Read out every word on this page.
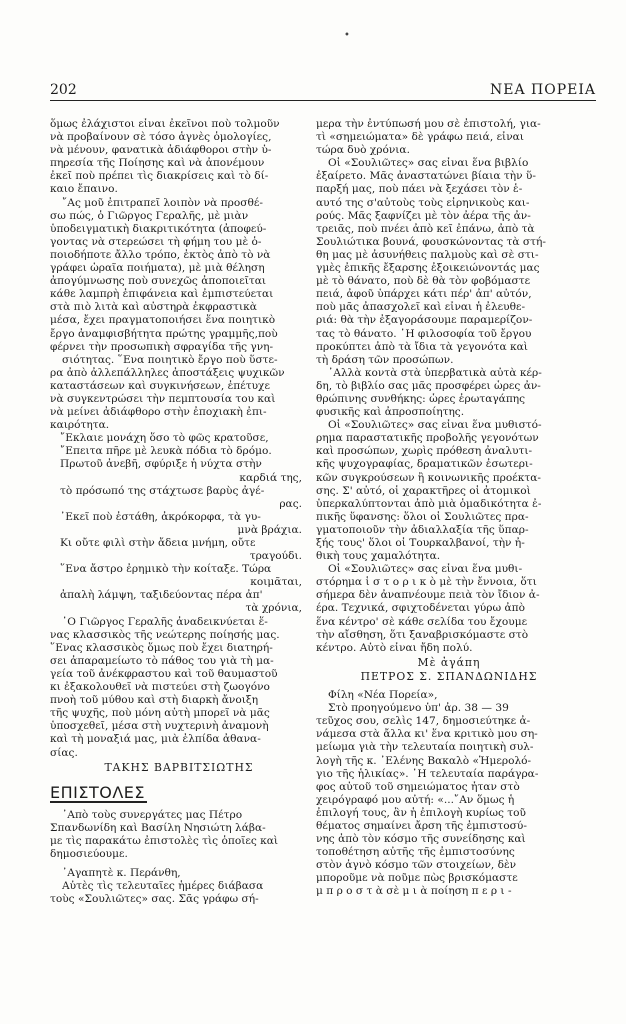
•
202	ΝΕΑ ΠΟΡΕΙΑ
ὅμως ἐλάχιστοι εἶναι ἐκεῖνοι ποὺ τολμοῦν
νὰ προβαίνουν σὲ τόσο ἁγνὲς ὁμολογίες,
νὰ μένουν, φανατικὰ ἀδιάφθοροι στὴν ὑ-
πηρεσία τῆς Ποίησης καὶ νὰ ἀπονέμουν
ἐκεῖ ποὺ πρέπει τὶς διακρίσεις καὶ τὸ δί-
καιο ἔπαινο.
῎Ας μοῦ ἐπιτραπεῖ λοιπὸν νὰ προσθέ-
σω πώς, ὁ Γιῶργος Γεραλῆς, μὲ μιὰν
ὑποδειγματικὴ διακριτικότητα (ἀποφεύ-
γοντας νὰ στερεώσει τὴ φήμη του μὲ ὁ-
ποιοδήποτε ἄλλο τρόπο, ἐκτὸς ἀπὸ τὸ νὰ
γράφει ὡραῖα ποιήματα), μὲ μιὰ θέληση
ἀπογύμνωσης ποὺ συνεχῶς ἀποποιεῖται
κάθε λαμπρὴ ἐπιφάνεια καὶ ἐμπιστεύεται
στὰ πιὸ λιτὰ καὶ αὐστηρὰ ἐκφραστικὰ
μέσα, ἔχει πραγματοποιήσει ἕνα ποιητικὸ
ἔργο ἀναμφισβήτητα πρώτης γραμμῆς,ποὺ
φέρνει τὴν προσωπικὴ σφραγίδα τῆς γνη-
σιότητας. ῞Ενα ποιητικὸ ἔργο ποὺ ὕστε-
ρα ἀπὸ ἀλλεπάλληλες ἀποστάξεις ψυχικῶν
καταστάσεων καὶ συγκινήσεων, ἐπέτυχε
νὰ συγκεντρώσει τὴν πεμπτουσία του καὶ
νὰ μείνει ἀδιάφθορο στὴν ἐποχιακὴ ἐπι-
καιρότητα.
῎Εκλαιε μονάχη ὅσο τὸ φῶς κρατοῦσε,
῎Επειτα πῆρε μὲ λευκὰ πόδια τὸ δρόμο.
Πρωτοῦ ἀνεβῆ, σφύριξε ἡ νύχτα στὴν
καρδιά της,
τὸ πρόσωπό της στάχτωσε βαρὺς ἀγέ-
ρας.
᾿Εκεῖ ποὺ ἐστάθη, ἀκρόκορφα, τὰ γυ-
μνὰ βράχια.
Κι οὔτε φιλὶ στὴν ἄδεια μνήμη, οὔτε
τραγούδι.
῞Ενα ἄστρο ἐρημικὸ τὴν κοίταξε. Τώρα
κοιμᾶται,
ἀπαλὴ λάμψη, ταξιδεύοντας πέρα ἀπ'
τὰ χρόνια,
῾Ο Γιῶργος Γεραλῆς ἀναδεικνύεται ἕ-
νας κλασσικὸς τῆς νεώτερης ποίησής μας.
῞Ενας κλασσικὸς ὅμως ποὺ ἔχει διατηρή-
σει ἀπαραμείωτο τὸ πάθος του γιὰ τὴ μα-
γεία τοῦ ἀνέκφραστου καὶ τοῦ θαυμαστοῦ
κι ἐξακολουθεῖ νὰ πιστεύει στὴ ζωογόνο
πνοὴ τοῦ μύθου καὶ στὴ διαρκὴ ἄνοιξη
τῆς ψυχῆς, ποὺ μόνη αὐτὴ μπορεῖ νὰ μᾶς
ὑποσχεθεῖ, μέσα στὴ νυχτερινὴ ἀναμονὴ
καὶ τὴ μοναξιά μας, μιὰ ἐλπίδα ἀθανα-
σίας.
ΤΑΚΗΣ ΒΑΡΒΙΤΣΙΩΤΗΣ
ΕΠΙΣΤΟΛΕΣ
᾿Απὸ τοὺς συνεργάτες μας Πέτρο
Σπανδωνίδη καὶ Βασίλη Νησιώτη λάβα-
με τὶς παρακάτω ἐπιστολὲς τὶς ὁποῖες καὶ
δημοσιεύουμε.
᾿Αγαπητὲ κ. Περάνθη,
Αὐτὲς τὶς τελευταῖες ἡμέρες διάβασα
τοὺς «Σουλιῶτες» σας. Σᾶς γράφω σή-
μερα τὴν ἐντύπωσή μου σὲ ἐπιστολή, για-
τὶ «σημειώματα» δὲ γράφω πειά, εἶναι
τώρα δυὸ χρόνια.
Οἱ «Σουλιῶτες» σας εἶναι ἕνα βιβλίο
ἐξαίρετο. Μᾶς ἀναστατώνει βίαια τὴν ὕ-
παρξή μας, ποὺ πάει νὰ ξεχάσει τὸν ἑ-
αυτό της σ'αὐτοὺς τοὺς εἰρηνικοὺς και-
ρούς. Μᾶς ξαφνίζει μὲ τὸν ἀέρα τῆς ἀν-
τρειᾶς, ποὺ πνέει ἀπὸ κεῖ ἐπάνω, ἀπὸ τὰ
Σουλιώτικα βουνά, φουσκώνοντας τὰ στή-
θη μας μὲ ἀσυνήθεις παλμοὺς καὶ σὲ στι-
γμὲς ἐπικῆς ἔξαρσης ἐξοικειώνοντάς μας
μὲ τὸ θάνατο, ποὺ δὲ θὰ τὸν φοβόμαστε
πειά, ἀφοῦ ὑπάρχει κάτι πέρ' ἀπ' αὐτόν,
ποὺ μᾶς ἀπασχολεῖ καὶ εἶναι ἡ ἐλευθε-
ριά: θὰ τὴν ἐξαγοράσουμε παραμερίζον-
τας τὸ θάνατο. ῾Η φιλοσοφία τοῦ ἔργου
προκύπτει ἀπὸ τὰ ἴδια τὰ γεγονότα καὶ
τὴ δράση τῶν προσώπων.
᾿Αλλὰ κοντὰ στὰ ὑπερβατικὰ αὐτὰ κέρ-
δη, τὸ βιβλίο σας μᾶς προσφέρει ὧρες ἀν-
θρώπινης συνθήκης: ὧρες ἐρωταγάπης
φυσικῆς καὶ ἀπροσποίητης.
Οἱ «Σουλιῶτες» σας εἶναι ἕνα μυθιστό-
ρημα παραστατικῆς προβολῆς γεγονότων
καὶ προσώπων, χωρὶς πρόθεση ἀναλυτι-
κῆς ψυχογραφίας, δραματικῶν ἐσωτερι-
κῶν συγκρούσεων ἢ κοινωνικῆς προέκτα-
σης. Σ' αὐτό, οἱ χαρακτῆρες οἱ ἀτομικοὶ
ὑπερκαλύπτονται ἀπὸ μιὰ ὁμαδικότητα ἐ-
πικῆς ὕφανσης: ὅλοι οἱ Σουλιῶτες πρα-
γματοποιοῦν τὴν ἀδιαλλαξία τῆς ὕπαρ-
ξής τους' ὅλοι οἱ Τουρκαλβανοί, τὴν ἠ-
θικὴ τους χαμαλότητα.
Οἱ «Σουλιῶτες» σας εἶναι ἕνα μυθι-
στόρημα ἱ σ τ ο ρ ι κ ὸ μὲ τὴν ἔννοια, ὅτι
σήμερα δὲν ἀναπνέουμε πειὰ τὸν ἴδιον ἀ-
έρα. Τεχνικά, σφιχτοδένεται γύρω ἀπὸ
ἕνα κέντρο' σὲ κάθε σελίδα του ἔχουμε
τὴν αἴσθηση, ὅτι ξαναβρισκόμαστε στὸ
κέντρο. Αὐτὸ εἶναι ἤδη πολύ.
Μὲ ἀγάπη
ΠΕΤΡΟΣ Σ. ΣΠΑΝΔΩΝΙΔΗΣ
Φίλη «Νέα Πορεία»,
Στὸ προηγούμενο ὑπ' ἀρ. 38 — 39
τεῦχος σου, σελὶς 147, δημοσιεύτηκε ἀ-
νάμεσα στὰ ἄλλα κι' ἕνα κριτικὸ μου ση-
μείωμα γιὰ τὴν τελευταία ποιητικὴ συλ-
λογὴ τῆς κ. ᾿Ελένης Βακαλὸ «Ἡμερολό-
γιο τῆς ἡλικίας». ῾Η τελευταία παράγρα-
φος αὐτοῦ τοῦ σημειώματος ἦταν στὸ
χειρόγραφό μου αὐτή: «...῎Αν ὅμως ἡ
ἐπιλογή τους, ἂν ἡ ἐπιλογὴ κυρίως τοῦ
θέματος σημαίνει ἄρση τῆς ἐμπιστοσύ-
νης ἀπὸ τὸν κόσμο τῆς συνείδησης καὶ
τοποθέτηση αὐτῆς τῆς ἐμπιστοσύνης
στὸν ἁγνὸ κόσμο τῶν στοιχείων, δὲν
μποροῦμε νὰ ποῦμε πὼς βρισκόμαστε
μ π ρ ο σ τ ὰ σὲ μ ι ὰ ποίηση π ε ρ ι -
